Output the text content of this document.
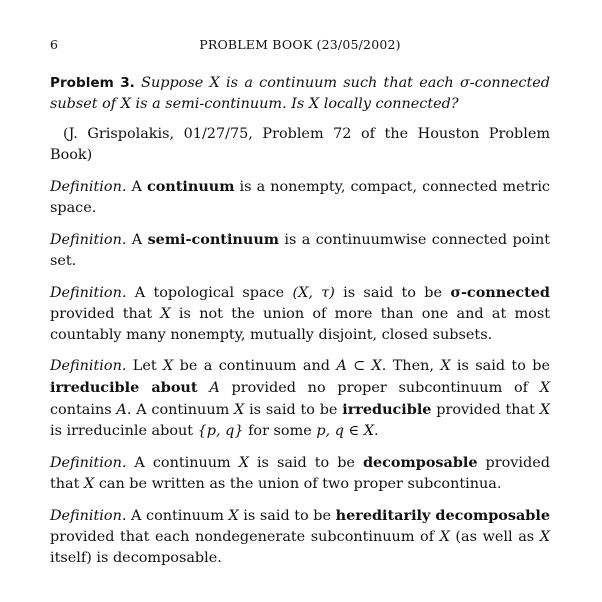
6	PROBLEM BOOK (23/05/2002)

Problem 3. Suppose X is a continuum such that each σ-connected subset of X is a semi-continuum. Is X locally connected?

(J. Grispolakis, 01/27/75, Problem 72 of the Houston Problem Book)

Definition. A continuum is a nonempty, compact, connected metric space.

Definition. A semi-continuum is a continuumwise connected point set.

Definition. A topological space (X, τ) is said to be σ-connected provided that X is not the union of more than one and at most countably many nonempty, mutually disjoint, closed subsets.

Definition. Let X be a continuum and A ⊂ X. Then, X is said to be irreducible about A provided no proper subcontinuum of X contains A. A continuum X is said to be irreducible provided that X is irreducinle about {p, q} for some p, q ∈ X.

Definition. A continuum X is said to be decomposable provided that X can be written as the union of two proper subcontinua.

Definition. A continuum X is said to be hereditarily decomposable provided that each nondegenerate subcontinuum of X (as well as X itself) is decomposable.
